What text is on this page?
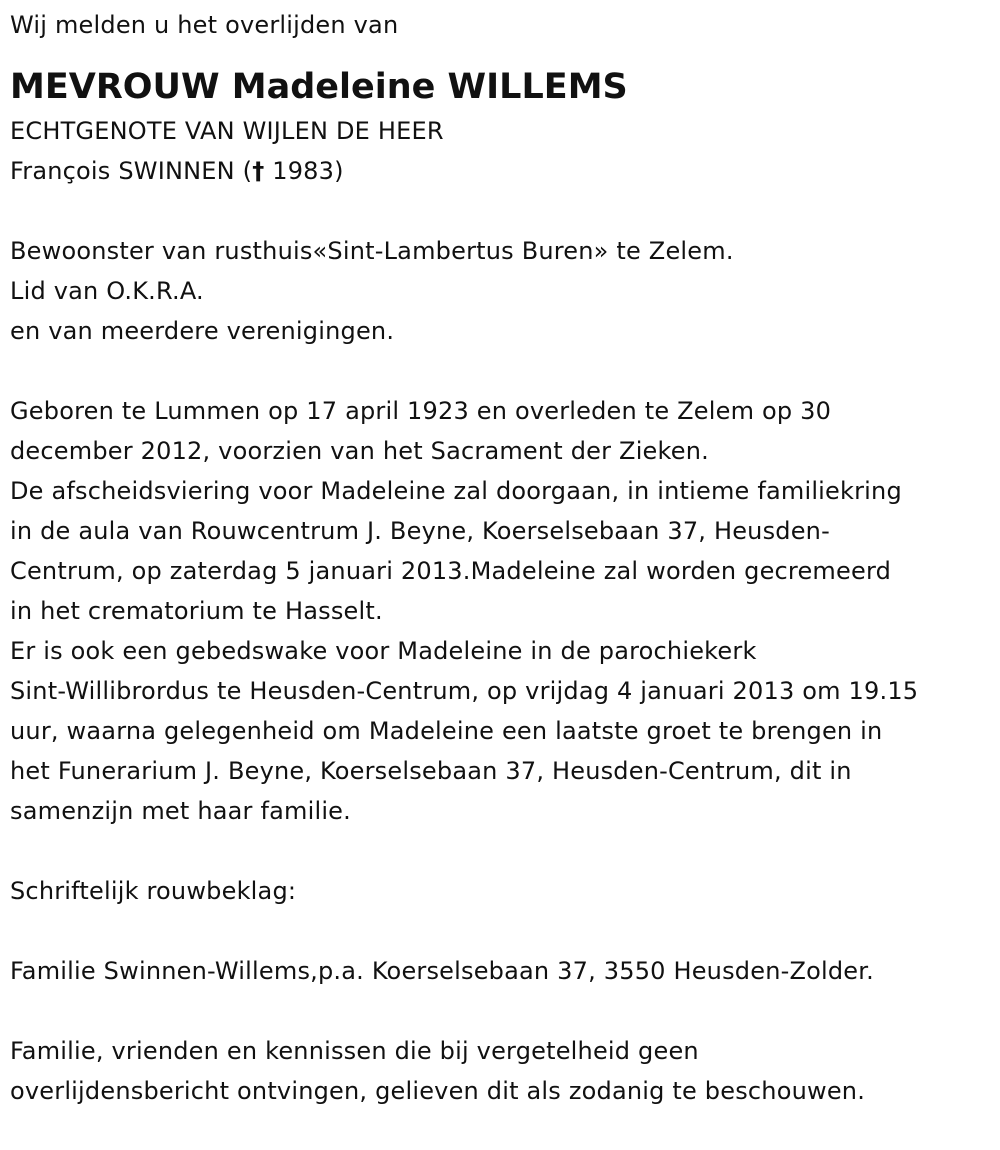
Wij melden u het overlijden van
MEVROUW Madeleine WILLEMS
ECHTGENOTE VAN WIJLEN DE HEER
François SWINNEN († 1983)
Bewoonster van rusthuis«Sint-Lambertus Buren» te Zelem.
Lid van O.K.R.A.
en van meerdere verenigingen.
Geboren te Lummen op 17 april 1923 en overleden te Zelem op 30
december 2012, voorzien van het Sacrament der Zieken.
De afscheidsviering voor Madeleine zal doorgaan, in intieme familiekring
in de aula van Rouwcentrum J. Beyne, Koerselsebaan 37, Heusden-
Centrum, op zaterdag 5 januari 2013.Madeleine zal worden gecremeerd
in het crematorium te Hasselt.
Er is ook een gebedswake voor Madeleine in de parochiekerk
Sint-Willibrordus te Heusden-Centrum, op vrijdag 4 januari 2013 om 19.15
uur, waarna gelegenheid om Madeleine een laatste groet te brengen in
het Funerarium J. Beyne, Koerselsebaan 37, Heusden-Centrum, dit in
samenzijn met haar familie.
Schriftelijk rouwbeklag:
Familie Swinnen-Willems,p.a. Koerselsebaan 37, 3550 Heusden-Zolder.
Familie, vrienden en kennissen die bij vergetelheid geen
overlijdensbericht ontvingen, gelieven dit als zodanig te beschouwen.
